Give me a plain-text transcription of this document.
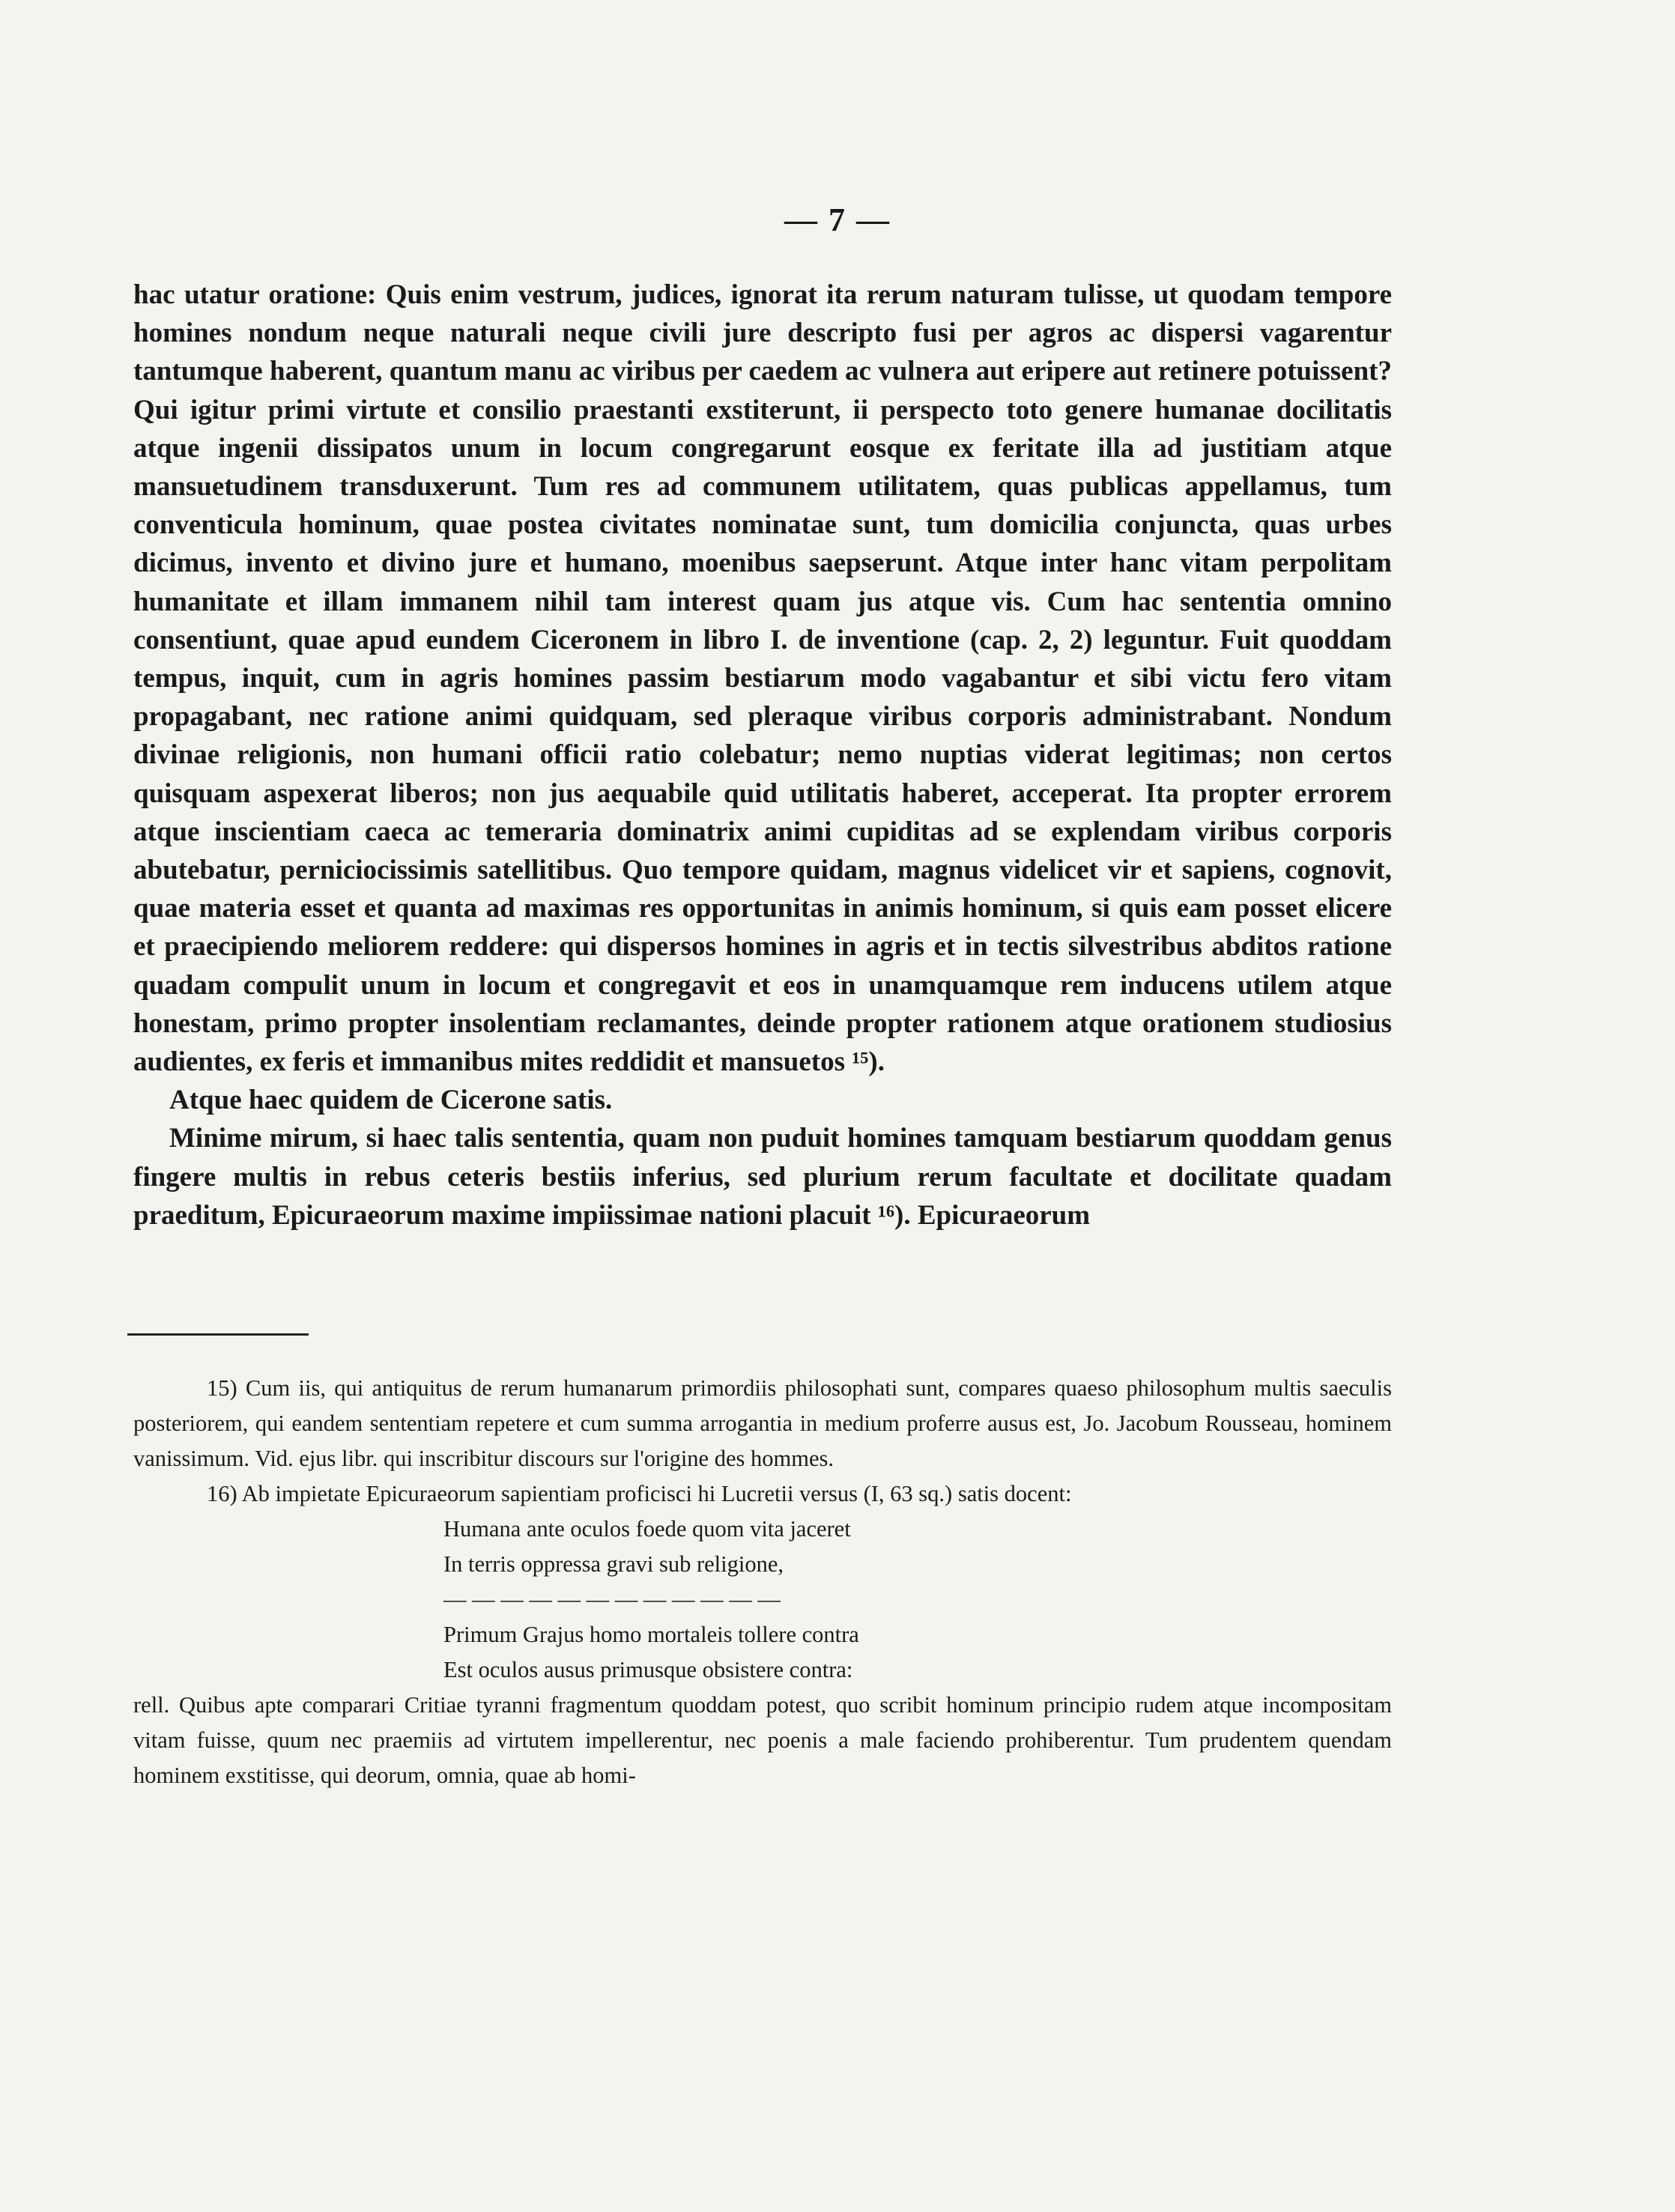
— 7 —

hac utatur oratione: Quis enim vestrum, judices, ignorat ita rerum naturam tulisse, ut quodam tempore homines nondum neque naturali neque civili jure descripto fusi per agros ac dispersi vagarentur tantumque haberent, quantum manu ac viribus per caedem ac vulnera aut eripere aut retinere potuissent? Qui igitur primi virtute et consilio praestanti exstiterunt, ii perspecto toto genere humanae docilitatis atque ingenii dissipatos unum in locum congregarunt eosque ex feritate illa ad justitiam atque mansuetudinem transduxerunt. Tum res ad communem utilitatem, quas publicas appellamus, tum conventicula hominum, quae postea civitates nominatae sunt, tum domicilia conjuncta, quas urbes dicimus, invento et divino jure et humano, moenibus saepserunt. Atque inter hanc vitam perpolitam humanitate et illam immanem nihil tam interest quam jus atque vis. Cum hac sententia omnino consentiunt, quae apud eundem Ciceronem in libro I. de inventione (cap. 2, 2) leguntur. Fuit quoddam tempus, inquit, cum in agris homines passim bestiarum modo vagabantur et sibi victu fero vitam propagabant, nec ratione animi quidquam, sed pleraque viribus corporis administrabant. Nondum divinae religionis, non humani officii ratio colebatur; nemo nuptias viderat legitimas; non certos quisquam aspexerat liberos; non jus aequabile quid utilitatis haberet, acceperat. Ita propter errorem atque inscientiam caeca ac temeraria dominatrix animi cupiditas ad se explendam viribus corporis abutebatur, perniciocissimis satellitibus. Quo tempore quidam, magnus videlicet vir et sapiens, cognovit, quae materia esset et quanta ad maximas res opportunitas in animis hominum, si quis eam posset elicere et praecipiendo meliorem reddere: qui dispersos homines in agris et in tectis silvestribus abditos ratione quadam compulit unum in locum et congregavit et eos in unamquamque rem inducens utilem atque honestam, primo propter insolentiam reclamantes, deinde propter rationem atque orationem studiosius audientes, ex feris et immanibus mites reddidit et mansuetos ¹⁵).

Atque haec quidem de Cicerone satis.

Minime mirum, si haec talis sententia, quam non puduit homines tamquam bestiarum quoddam genus fingere multis in rebus ceteris bestiis inferius, sed plurium rerum facultate et docilitate quadam praeditum, Epicuraeorum maxime impiissimae nationi placuit ¹⁶). Epicuraeorum

15) Cum iis, qui antiquitus de rerum humanarum primordiis philosophati sunt, compares quaeso philosophum multis saeculis posteriorem, qui eandem sententiam repetere et cum summa arrogantia in medium proferre ausus est, Jo. Jacobum Rousseau, hominem vanissimum. Vid. ejus libr. qui inscribitur discours sur l'origine des hommes.

16) Ab impietate Epicuraeorum sapientiam proficisci hi Lucretii versus (I, 63 sq.) satis docent:

Humana ante oculos foede quom vita jaceret

In terris oppressa gravi sub religione,

— — — — — — — — — — — —

Primum Grajus homo mortaleis tollere contra

Est oculos ausus primusque obsistere contra:

rell. Quibus apte comparari Critiae tyranni fragmentum quoddam potest, quo scribit hominum principio rudem atque incompositam vitam fuisse, quum nec praemiis ad virtutem impellerentur, nec poenis a male faciendo prohiberentur. Tum prudentem quendam hominem exstitisse, qui deorum, omnia, quae ab homi-
